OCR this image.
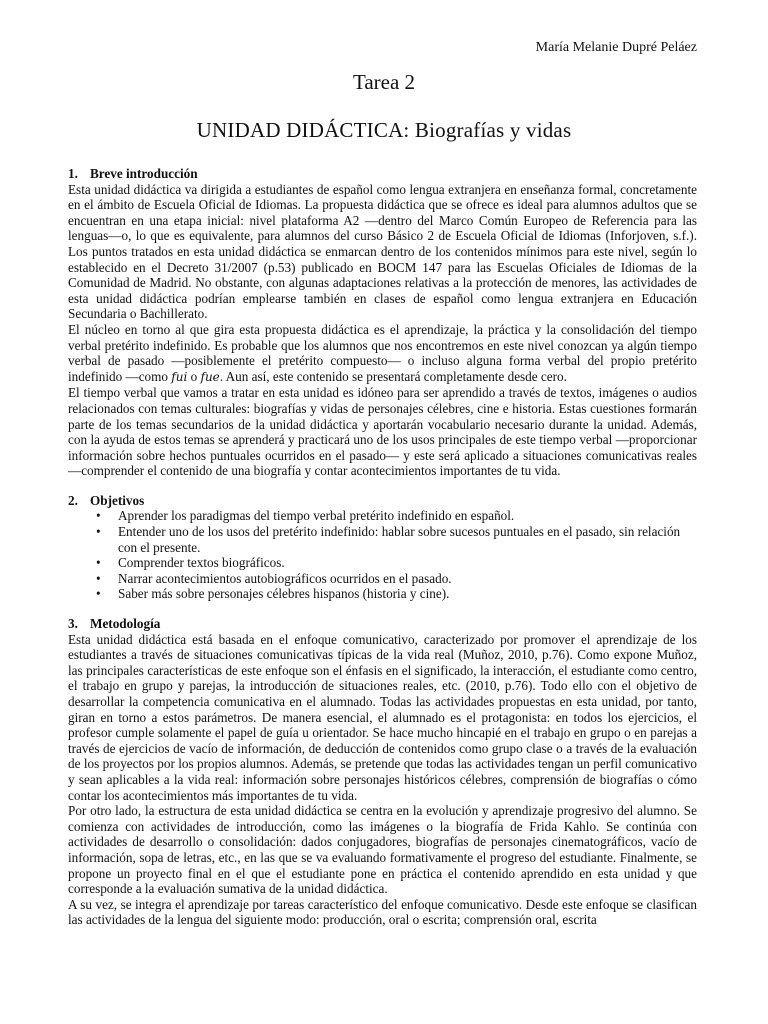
María Melanie Dupré Peláez
Tarea 2
UNIDAD DIDÁCTICA: Biografías y vidas
1. Breve introducción

Esta unidad didáctica va dirigida a estudiantes de español como lengua extranjera en enseñanza formal, concretamente en el ámbito de Escuela Oficial de Idiomas. La propuesta didáctica que se ofrece es ideal para alumnos adultos que se encuentran en una etapa inicial: nivel plataforma A2 —dentro del Marco Común Europeo de Referencia para las lenguas—o, lo que es equivalente, para alumnos del curso Básico 2 de Escuela Oficial de Idiomas (Inforjoven, s.f.). Los puntos tratados en esta unidad didáctica se enmarcan dentro de los contenidos mínimos para este nivel, según lo establecido en el Decreto 31/2007 (p.53) publicado en BOCM 147 para las Escuelas Oficiales de Idiomas de la Comunidad de Madrid. No obstante, con algunas adaptaciones relativas a la protección de menores, las actividades de esta unidad didáctica podrían emplearse también en clases de español como lengua extranjera en Educación Secundaria o Bachillerato.

El núcleo en torno al que gira esta propuesta didáctica es el aprendizaje, la práctica y la consolidación del tiempo verbal pretérito indefinido. Es probable que los alumnos que nos encontremos en este nivel conozcan ya algún tiempo verbal de pasado —posiblemente el pretérito compuesto— o incluso alguna forma verbal del propio pretérito indefinido —como fui o fue. Aun así, este contenido se presentará completamente desde cero.

El tiempo verbal que vamos a tratar en esta unidad es idóneo para ser aprendido a través de textos, imágenes o audios relacionados con temas culturales: biografías y vidas de personajes célebres, cine e historia. Estas cuestiones formarán parte de los temas secundarios de la unidad didáctica y aportarán vocabulario necesario durante la unidad. Además, con la ayuda de estos temas se aprenderá y practicará uno de los usos principales de este tiempo verbal —proporcionar información sobre hechos puntuales ocurridos en el pasado— y este será aplicado a situaciones comunicativas reales —comprender el contenido de una biografía y contar acontecimientos importantes de tu vida.

2. Objetivos
• Aprender los paradigmas del tiempo verbal pretérito indefinido en español.
• Entender uno de los usos del pretérito indefinido: hablar sobre sucesos puntuales en el pasado, sin relación con el presente.
• Comprender textos biográficos.
• Narrar acontecimientos autobiográficos ocurridos en el pasado.
• Saber más sobre personajes célebres hispanos (historia y cine).
3. Metodología

Esta unidad didáctica está basada en el enfoque comunicativo, caracterizado por promover el aprendizaje de los estudiantes a través de situaciones comunicativas típicas de la vida real (Muñoz, 2010, p.76). Como expone Muñoz, las principales características de este enfoque son el énfasis en el significado, la interacción, el estudiante como centro, el trabajo en grupo y parejas, la introducción de situaciones reales, etc. (2010, p.76). Todo ello con el objetivo de desarrollar la competencia comunicativa en el alumnado. Todas las actividades propuestas en esta unidad, por tanto, giran en torno a estos parámetros. De manera esencial, el alumnado es el protagonista: en todos los ejercicios, el profesor cumple solamente el papel de guía u orientador. Se hace mucho hincapié en el trabajo en grupo o en parejas a través de ejercicios de vacío de información, de deducción de contenidos como grupo clase o a través de la evaluación de los proyectos por los propios alumnos. Además, se pretende que todas las actividades tengan un perfil comunicativo y sean aplicables a la vida real: información sobre personajes históricos célebres, comprensión de biografías o cómo contar los acontecimientos más importantes de tu vida.

Por otro lado, la estructura de esta unidad didáctica se centra en la evolución y aprendizaje progresivo del alumno. Se comienza con actividades de introducción, como las imágenes o la biografía de Frida Kahlo. Se continúa con actividades de desarrollo o consolidación: dados conjugadores, biografías de personajes cinematográficos, vacío de información, sopa de letras, etc., en las que se va evaluando formativamente el progreso del estudiante. Finalmente, se propone un proyecto final en el que el estudiante pone en práctica el contenido aprendido en esta unidad y que corresponde a la evaluación sumativa de la unidad didáctica.

A su vez, se integra el aprendizaje por tareas característico del enfoque comunicativo. Desde este enfoque se clasifican las actividades de la lengua del siguiente modo: producción, oral o escrita; comprensión oral, escrita
